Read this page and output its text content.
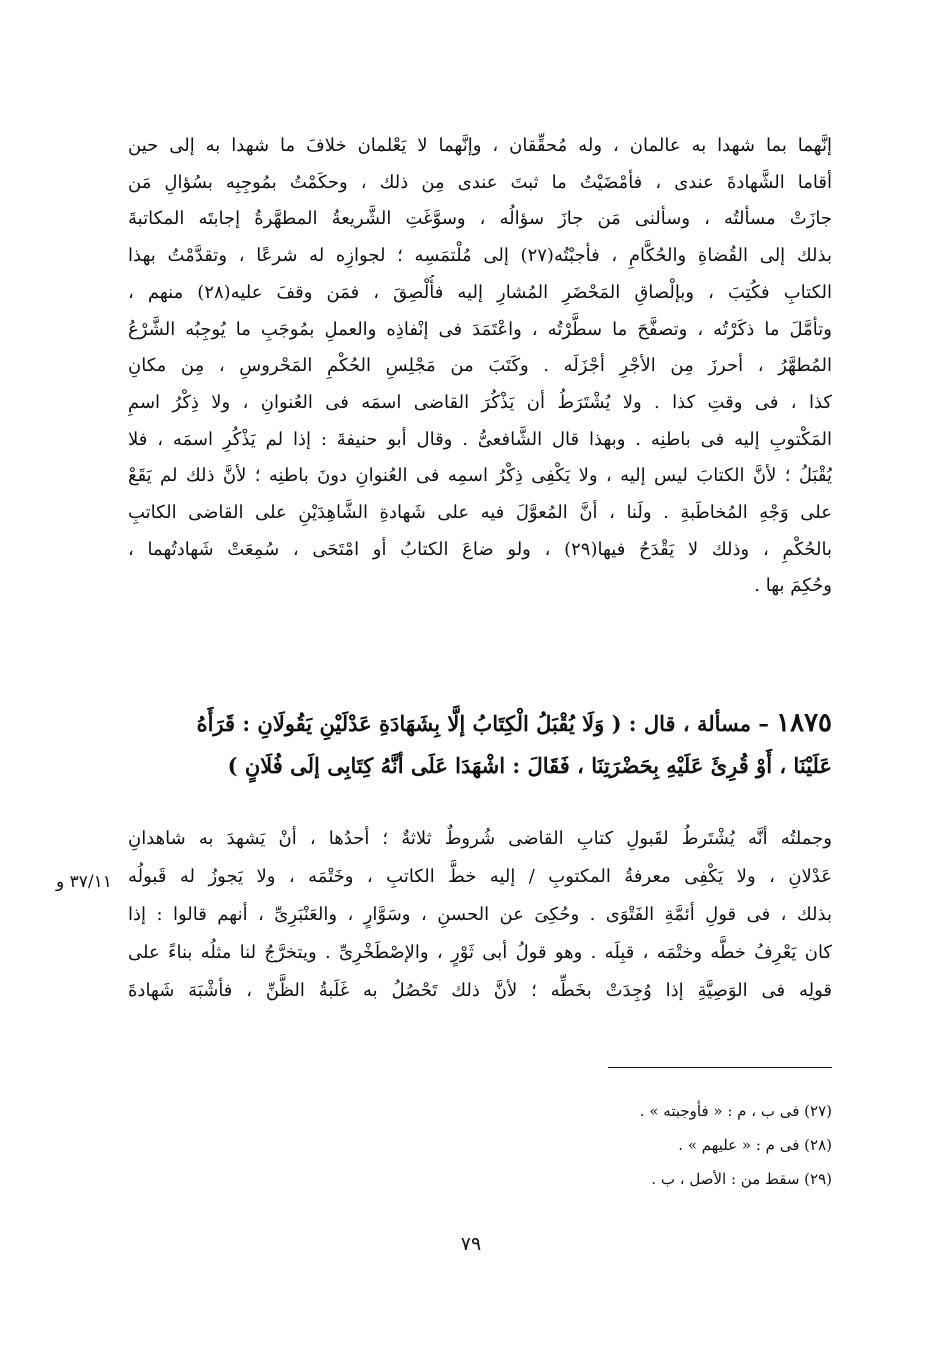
إنَّهما بما شهدا به عالمان ، وله مُحقِّقان ، وإنَّهما لا يَعْلمان خلافَ ما شهدا به إلى حين
أقاما الشَّهادةَ عندى ، فأمْضَيْتُ ما ثبتَ عندى مِن ذلك ، وحكَمْتُ بمُوجِبِه بسُؤالِ مَن
جازَتْ مسألتُه ، وسألنى مَن جازَ سؤالُه ، وسوَّغَتِ الشَّريعةُ المطهَّرةُ إجابتَه المكاتبةَ
بذلك إلى القُضاةِ والحُكَّامِ ، فأجبْتُه(٢٧) إلى مُلْتمَسِه ؛ لجوازِه له شرعًا ، وتقدَّمْتُ بهذا
الكتابِ فكُتِبَ ، وبإلْصاقِ المَحْضَرِ المُشارِ إليه فأُلْصِقَ ، فمَن وقفَ عليه(٢٨) منهم ،
وتأمَّلَ ما ذكَرْتُه ، وتصفَّحَ ما سطَّرْتُه ، واعْتَمَدَ فى إنْفاذِه والعملِ بمُوجَبِ ما يُوجِبُه الشَّرْعُ
المُطهَّرُ ، أحرزَ مِن الأجْرِ أجْزَلَه . وكَتَبَ من مَجْلِسِ الحُكْمِ المَحْروسِ ، مِن مكانِ
كذا ، فى وقتِ كذا . ولا يُشْتَرَطُ أن يَذْكُرَ القاضى اسمَه فى العُنوانِ ، ولا ذِكْرُ اسمِ
المَكْتوبِ إليه فى باطنِه . وبهذا قال الشَّافعىُّ . وقال أبو حنيفةَ : إذا لم يَذْكُرِ اسمَه ، فلا
يُقْبَلُ ؛ لأنَّ الكتابَ ليس إليه ، ولا يَكْفِى ذِكْرُ اسمِه فى العُنوانِ دونَ باطنِه ؛ لأنَّ ذلك لم يَقَعْ
على وَجْهِ المُخاطَبةِ . ولَنا ، أنَّ المُعوَّلَ فيه على شَهادةِ الشَّاهِدَيْنِ على القاضى الكاتبِ
بالحُكْمِ ، وذلك لا يَقْدَحُ فيها(٢٩) ، ولو ضاعَ الكتابُ أو امْتَحَى ، سُمِعَتْ شَهادتُهما ،
وحُكِمَ بها .
١٨٧٥ – مسألة ، قال : ( وَلَا يُقْبَلُ الْكِتَابُ إلَّا بِشَهَادَةِ عَدْلَيْنِ يَقُولَانِ : قَرَأَهُ
عَلَيْنَا ، أَوْ قُرِئَ عَلَيْهِ بِحَضْرَتِنَا ، فَقَالَ : اشْهَدَا عَلَى أنَّهُ كِتَابِى إلَى فُلَانٍ )
وجملتُه أنَّه يُشْتَرطُ لقَبولِ كتابِ القاضى شُروطٌ ثلاثةٌ ؛ أحدُها ، أنْ يَشهدَ به شاهدانِ
عَدْلانِ ، ولا يَكْفِى معرفةُ المكتوبِ / إليه خطَّ الكاتبِ ، وخَتْمَه ، ولا يَجوزُ له قَبولُه
بذلك ، فى قولِ أئمَّةِ الفَتْوَى . وحُكِىَ عن الحسنِ ، وسَوَّارٍ ، والعَنْبَرِىِّ ، أنهم قالوا : إذا
كان يَعْرِفُ خطَّه وختْمَه ، قبِلَه . وهو قولُ أبى ثَوْرٍ ، والإصْطَخْرِىِّ . ويتخرَّجُ لنا مثلُه بناءً على
قولِه فى الوَصِيَّةِ إذا وُجِدَتْ بخَطِّه ؛ لأنَّ ذلك تَحْصُلُ به غَلَبةُ الظَّنِّ ، فأشْبَهَ شَهادةَ
٣٧/١١ و
(٢٧) فى ب ، م : « فأوجبته » .
(٢٨) فى م : « عليهم » .
(٢٩) سقط من : الأصل ، ب .
٧٩
